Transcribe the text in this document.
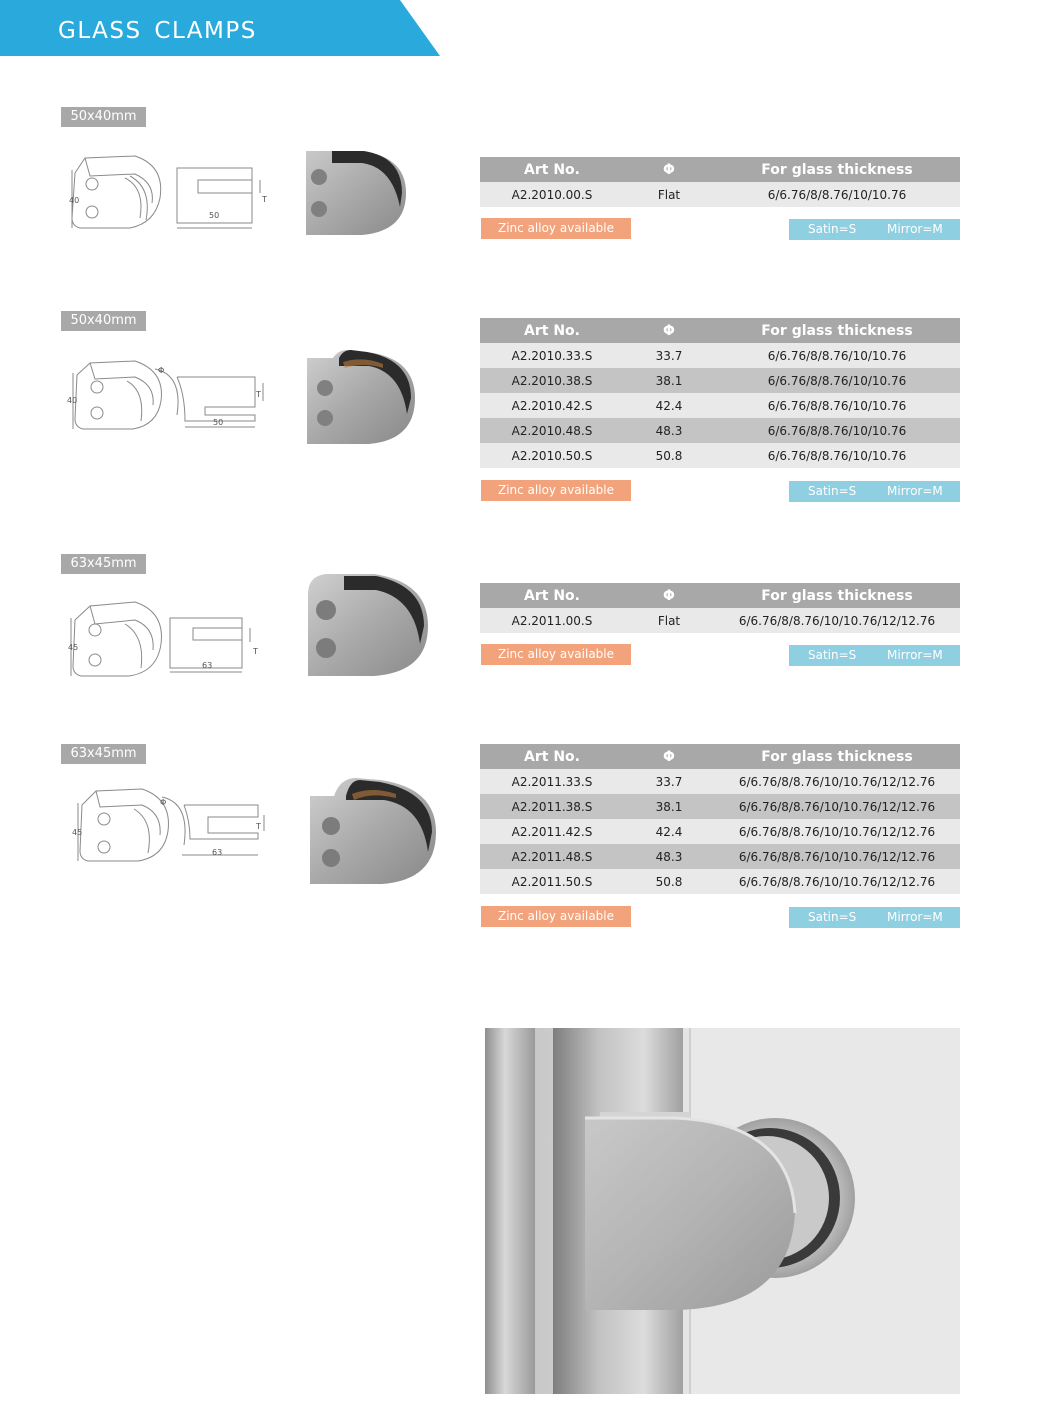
GLASS CLAMPS
50x40mm
40
50
T
Art No.	Φ	For glass thickness
A2.2010.00.S	Flat	6/6.76/8/8.76/10/10.76
Zinc alloy available	Satin=S	Mirror=M
50x40mm
40
50
T
Φ
Art No.	Φ	For glass thickness
A2.2010.33.S	33.7	6/6.76/8/8.76/10/10.76
A2.2010.38.S	38.1	6/6.76/8/8.76/10/10.76
A2.2010.42.S	42.4	6/6.76/8/8.76/10/10.76
A2.2010.48.S	48.3	6/6.76/8/8.76/10/10.76
A2.2010.50.S	50.8	6/6.76/8/8.76/10/10.76
Zinc alloy available	Satin=S	Mirror=M
63x45mm
45
63
T
Art No.	Φ	For glass thickness
A2.2011.00.S	Flat	6/6.76/8/8.76/10/10.76/12/12.76
Zinc alloy available	Satin=S	Mirror=M
63x45mm
45
63
T
Φ
Art No.	Φ	For glass thickness
A2.2011.33.S	33.7	6/6.76/8/8.76/10/10.76/12/12.76
A2.2011.38.S	38.1	6/6.76/8/8.76/10/10.76/12/12.76
A2.2011.42.S	42.4	6/6.76/8/8.76/10/10.76/12/12.76
A2.2011.48.S	48.3	6/6.76/8/8.76/10/10.76/12/12.76
A2.2011.50.S	50.8	6/6.76/8/8.76/10/10.76/12/12.76
Zinc alloy available	Satin=S	Mirror=M
